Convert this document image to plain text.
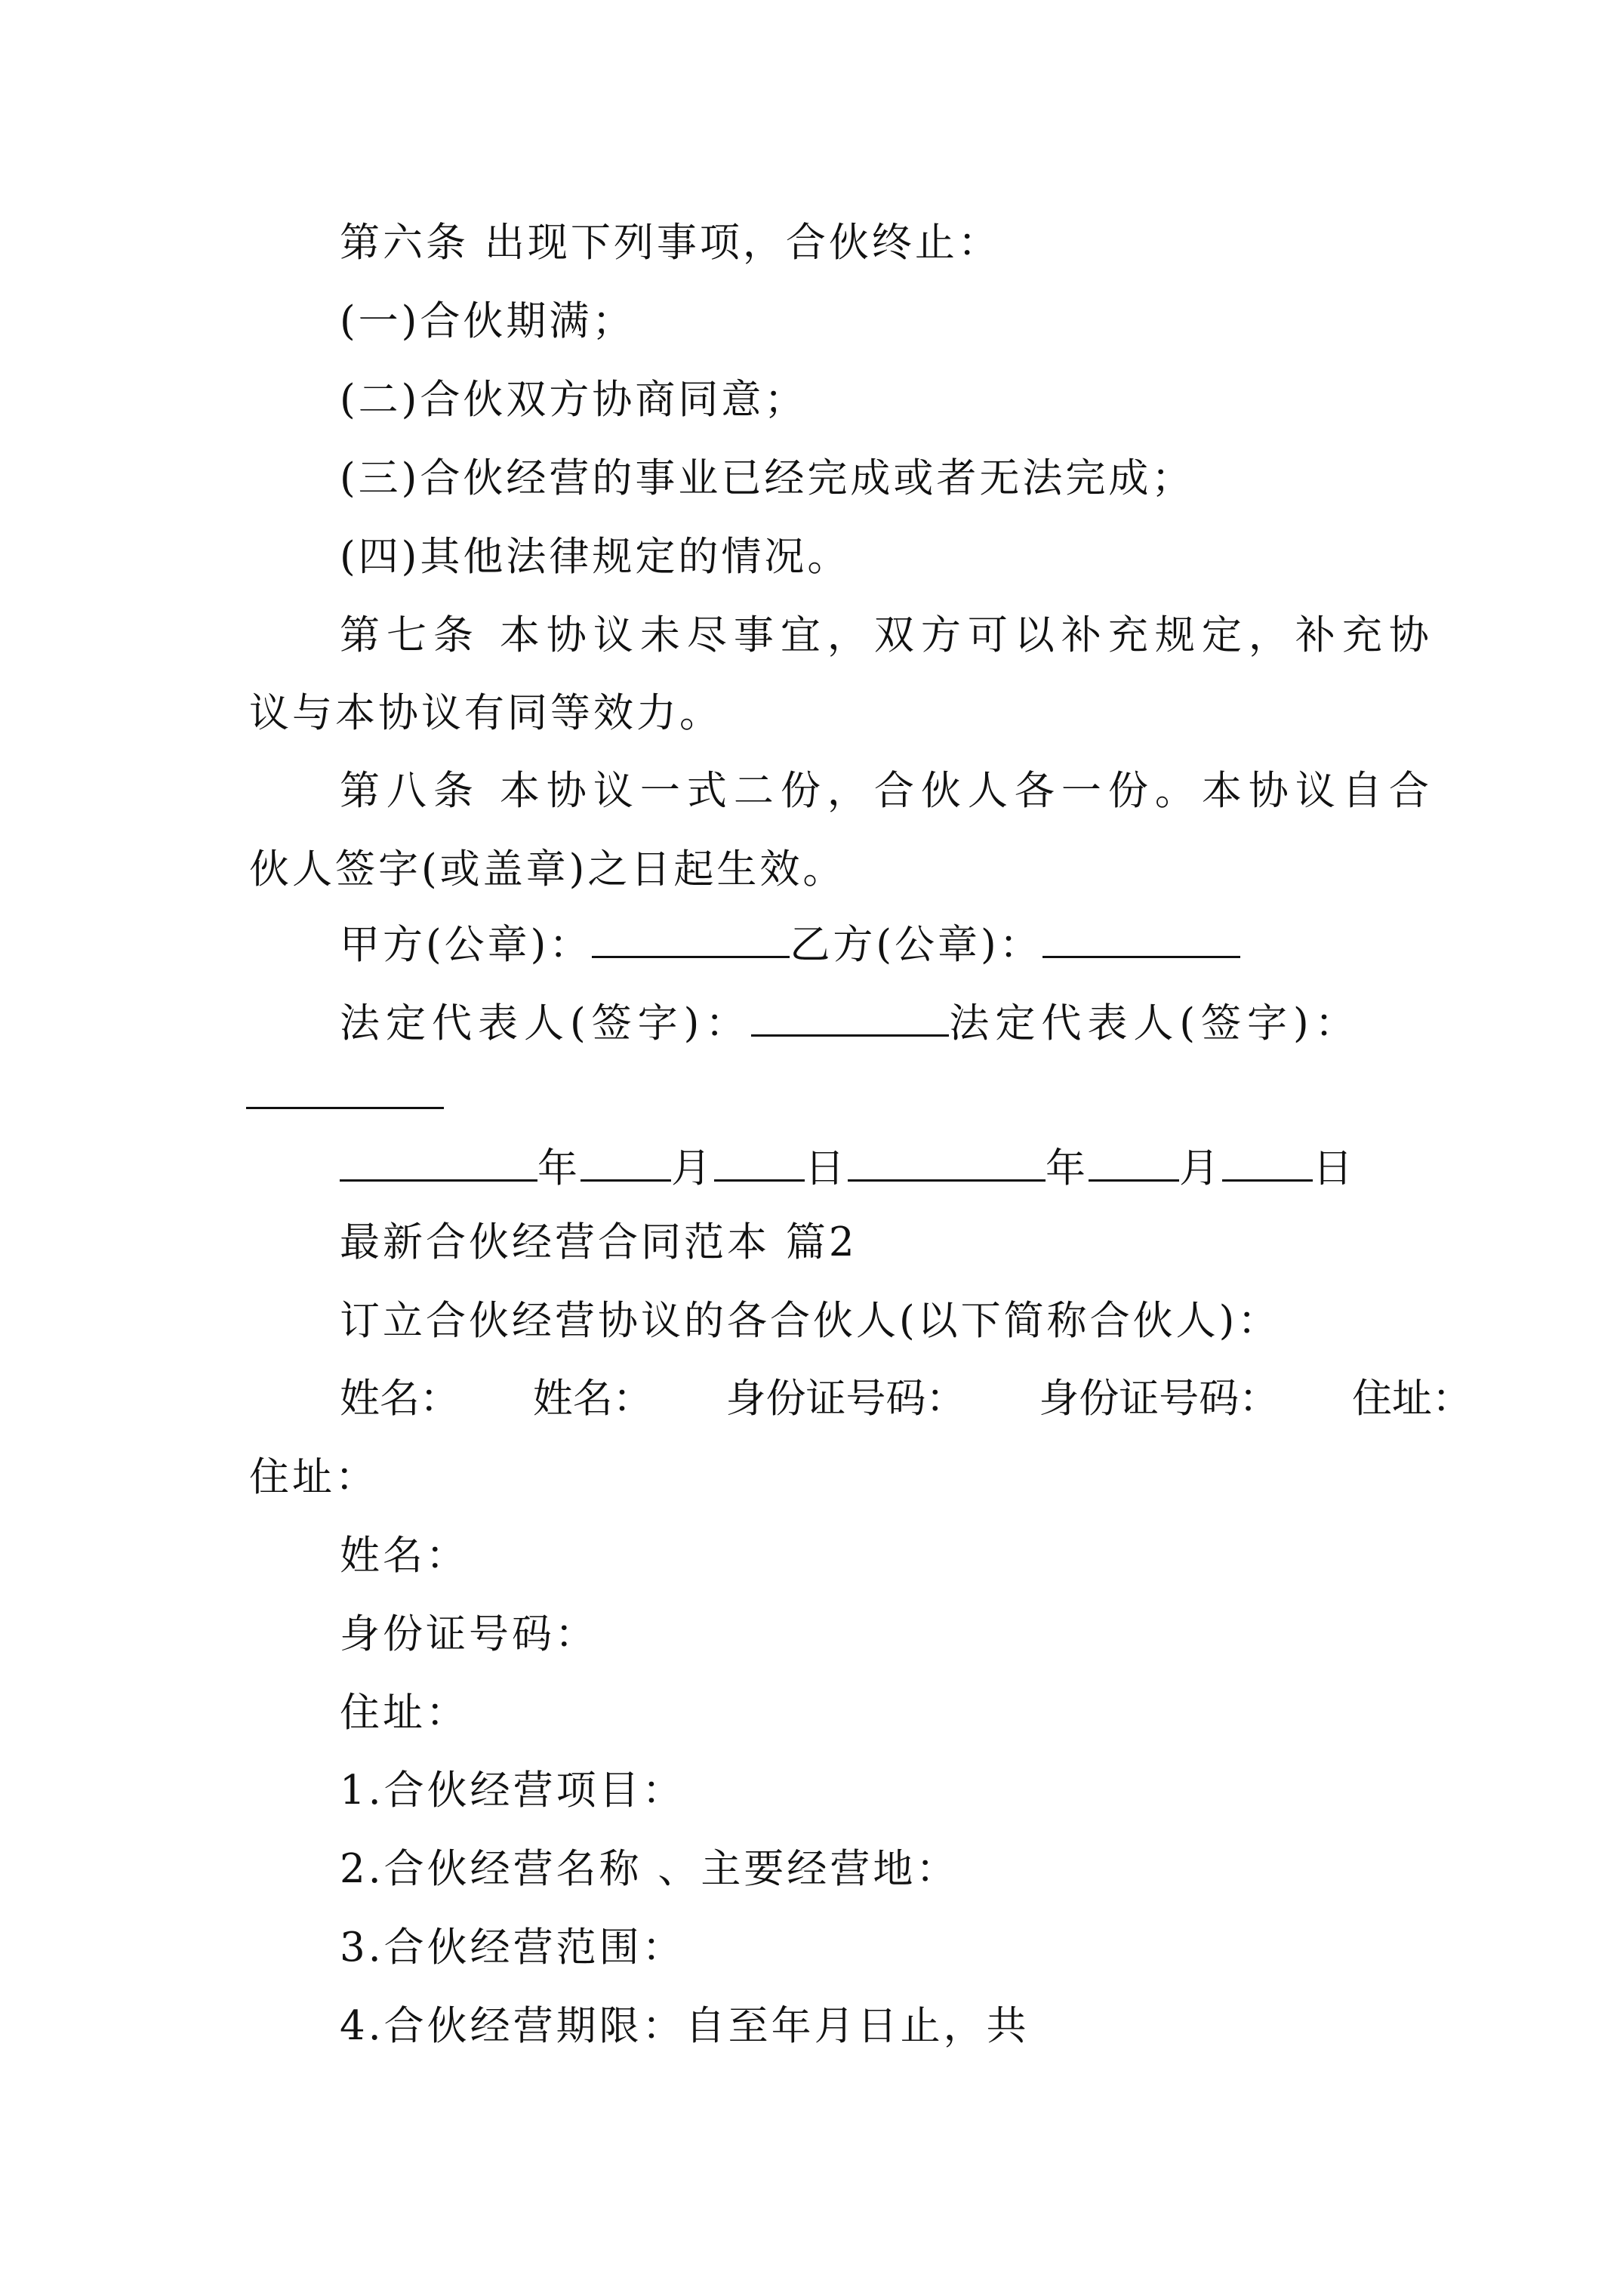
第六条 出现下列事项，合伙终止：
(一)合伙期满；
(二)合伙双方协商同意；
(三)合伙经营的事业已经完成或者无法完成；
(四)其他法律规定的情况。
第七条 本协议未尽事宜，双方可以补充规定，补充协
议与本协议有同等效力。
第八条 本协议一式二份，合伙人各一份。本协议自合
伙人签字(或盖章)之日起生效。
甲方(公章)：	乙方(公章)：
法定代表人(签字)：	法定代表人(签字)：
年 月 日	年 月 日
最新合伙经营合同范本 篇2
订立合伙经营协议的各合伙人(以下简称合伙人)：
姓名： 姓名： 身份证号码： 身份证号码： 住址：
住址：
姓名：
身份证号码：
住址：
1.合伙经营项目：
2.合伙经营名称 、主要经营地：
3.合伙经营范围：
4.合伙经营期限：自至年月日止，共
